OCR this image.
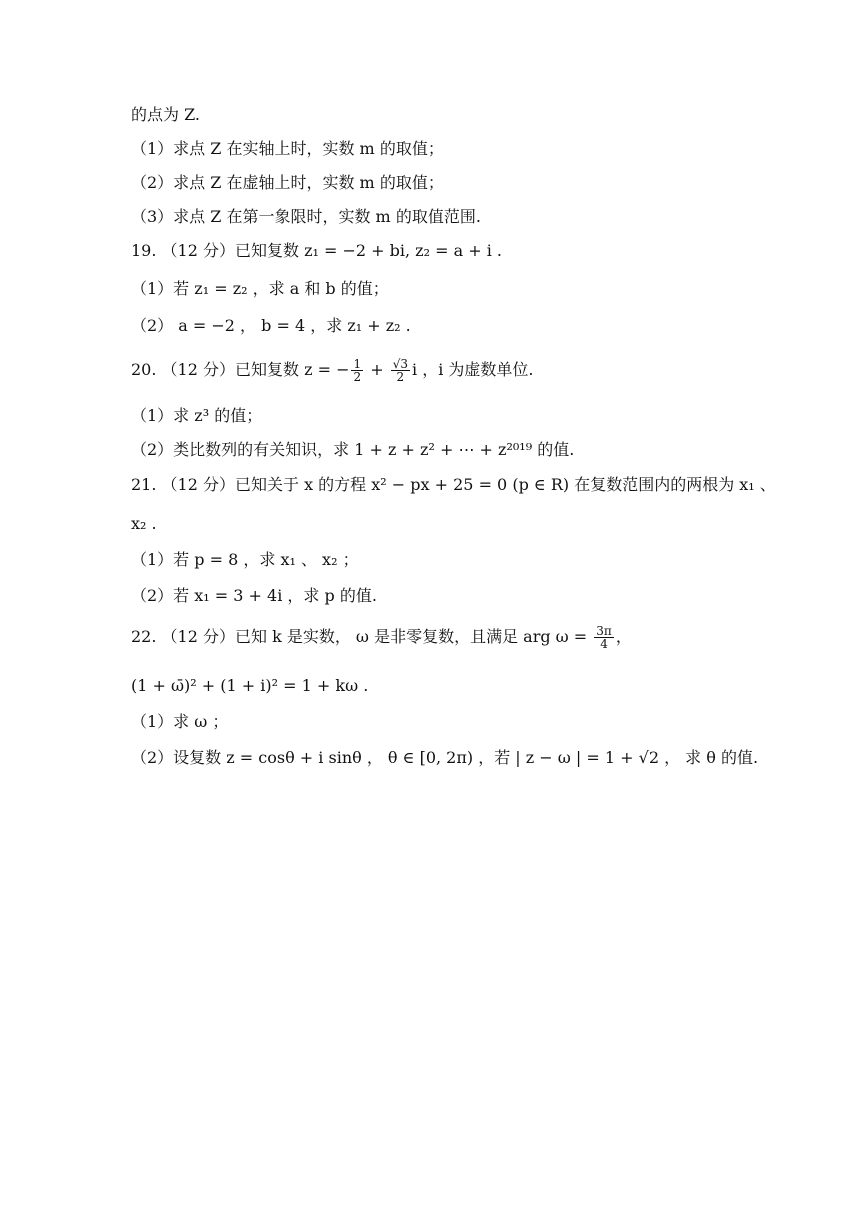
的点为 Z.
（1）求点 Z 在实轴上时，实数 m 的取值；
（2）求点 Z 在虚轴上时，实数 m 的取值；
（3）求点 Z 在第一象限时，实数 m 的取值范围.
19. （12 分）已知复数 z₁ = −2 + bi, z₂ = a + i .
（1）若 z₁ = z₂ ，求 a 和 b 的值；
（2） a = −2 ， b = 4 ，求 z₁ + z₂ .
20. （12 分）已知复数 z = − $\frac{1}{2} + \frac{√3}{2}$ i ，i 为虚数单位.
（1）求 z³ 的值；
（2）类比数列的有关知识，求 1 + z + z² + ⋯ + z²⁰¹⁹ 的值.
21. （12 分）已知关于 x 的方程 x² − px + 25 = 0 (p ∈ R) 在复数范围内的两根为 x₁ 、
x₂ .
（1）若 p = 8 ，求 x₁ 、 x₂ ；
（2）若 x₁ = 3 + 4i ，求 p 的值.
22. （12 分）已知 k 是实数， ω 是非零复数，且满足 arg $\omega = \frac{3\pi}{4}$ ，
(1 + ω̄)² + (1 + i)² = 1 + kω .
（1）求 ω ；
（2）设复数 z = cosθ + i sinθ ， θ ∈ [0, 2π) ，若 | z − ω | = 1 + √2 ， 求 θ 的值.
